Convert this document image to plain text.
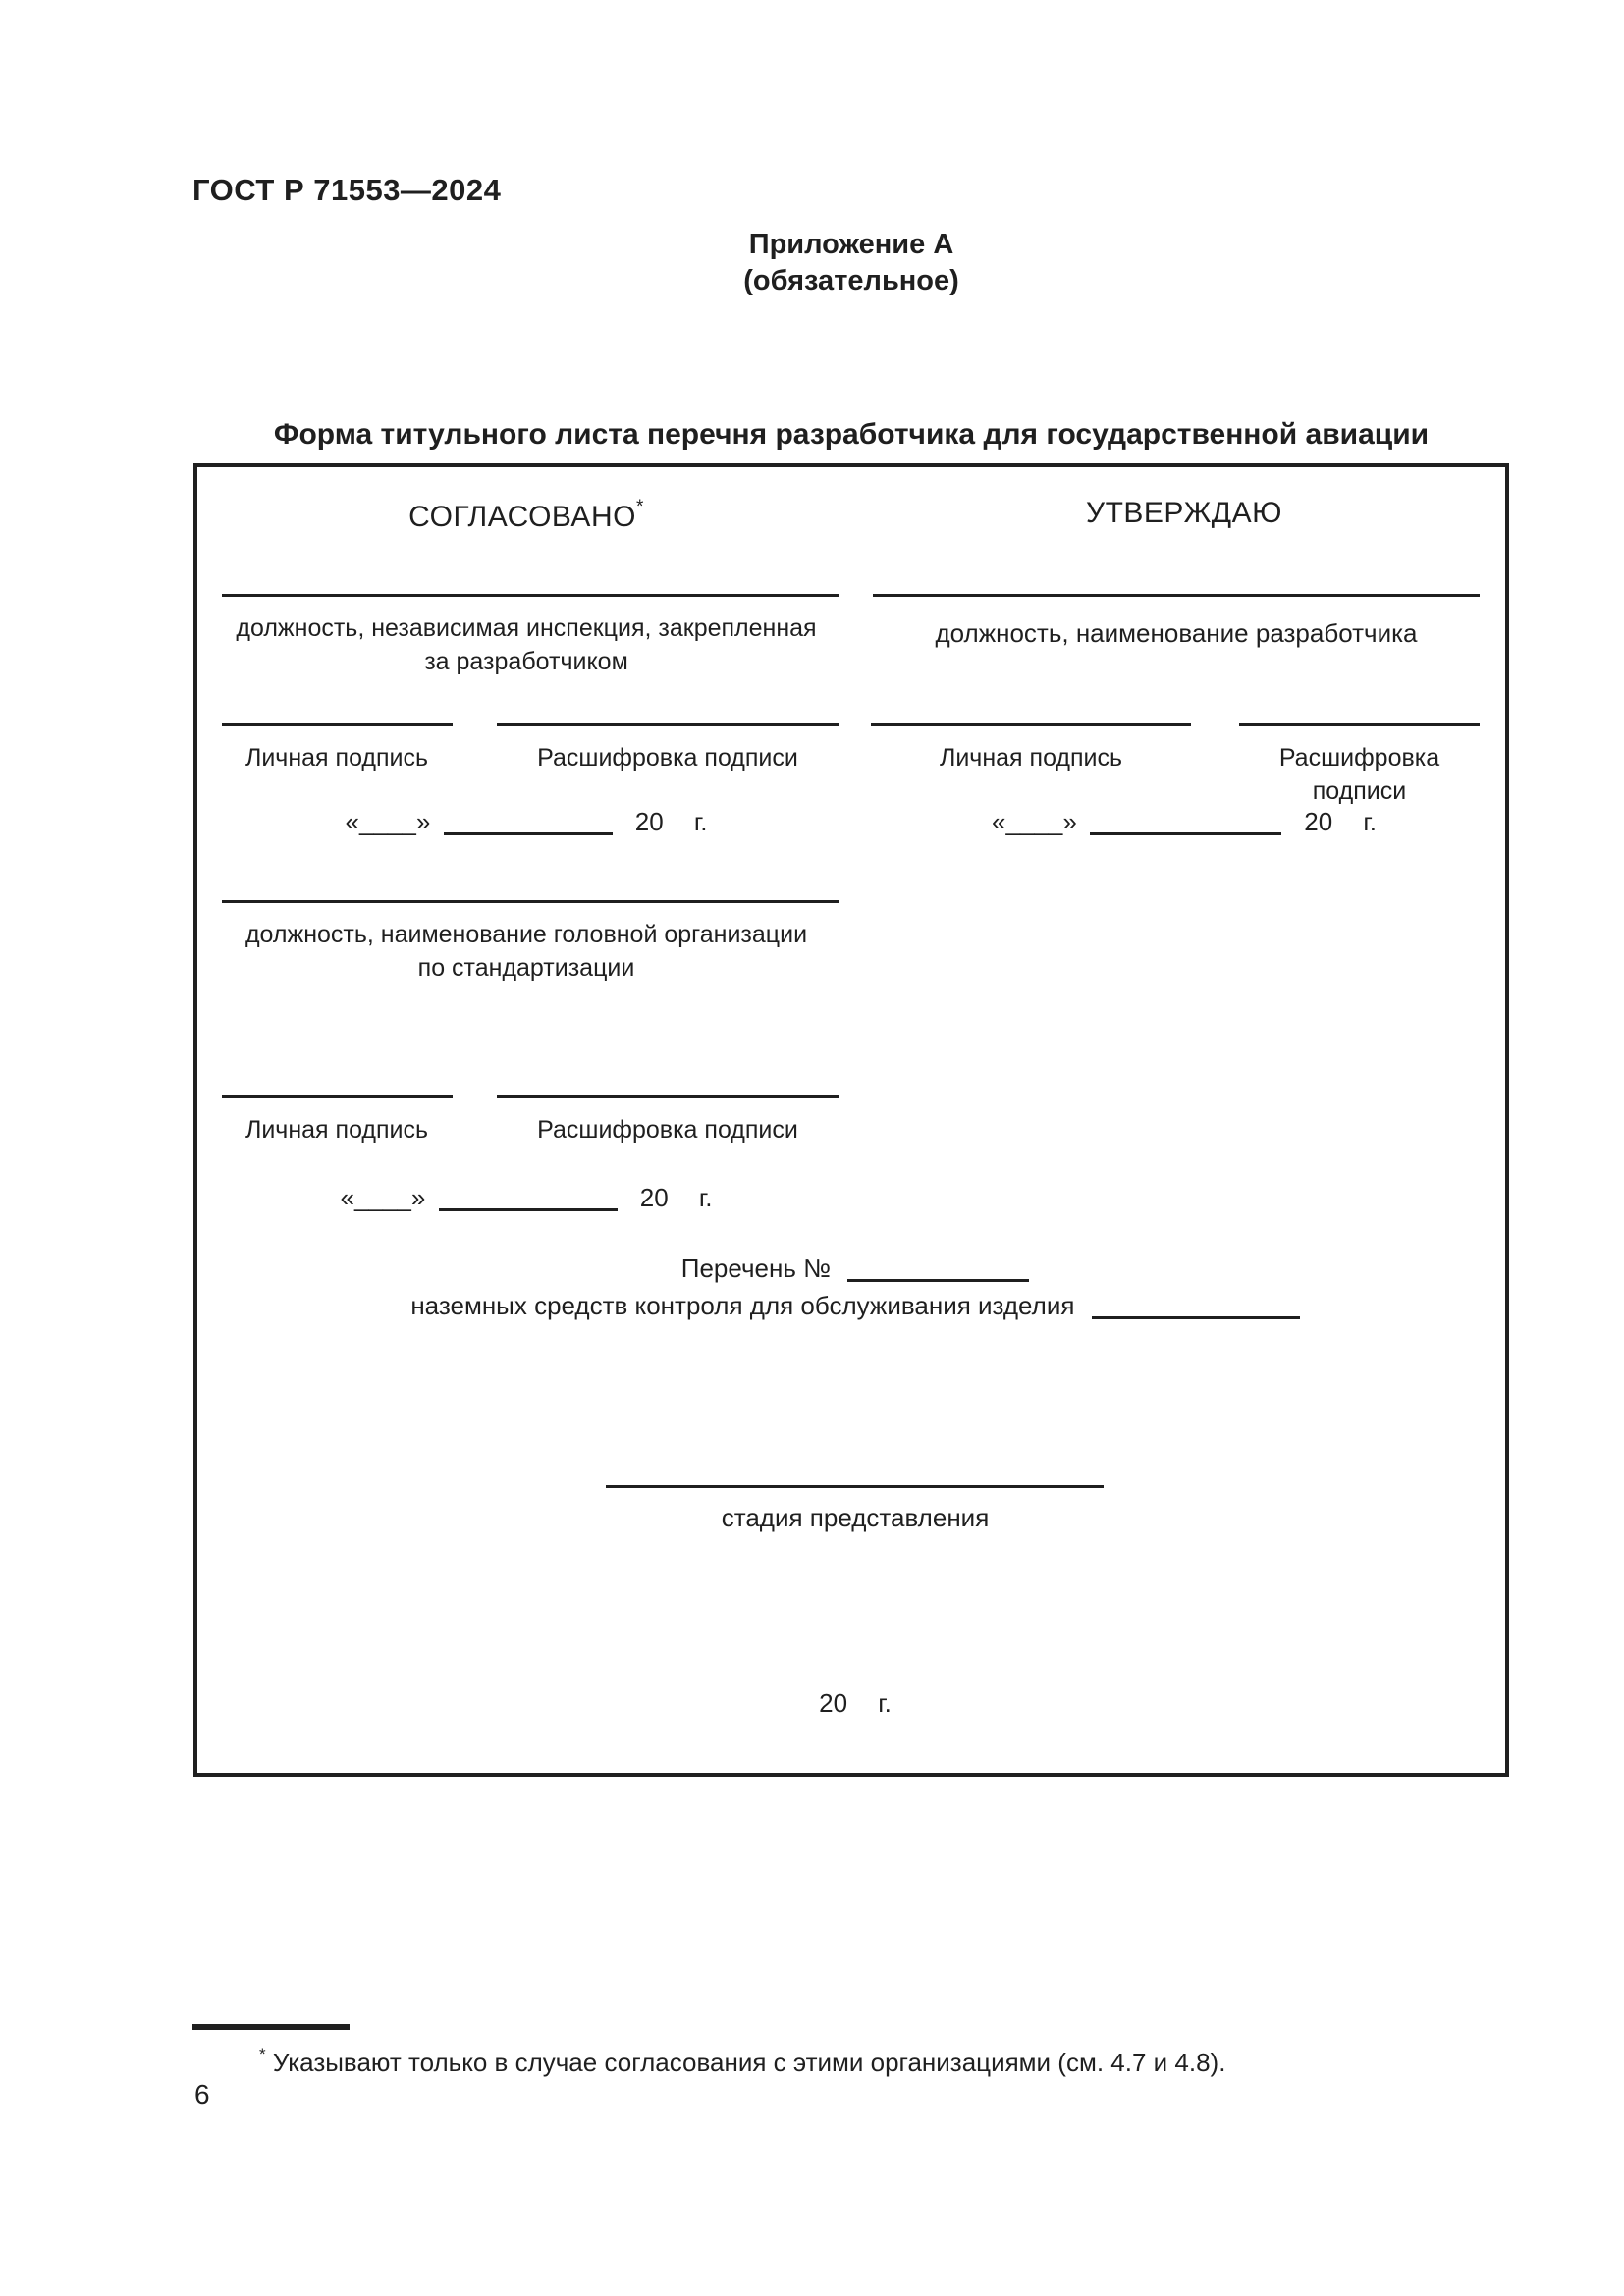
ГОСТ Р 71553—2024
Приложение А
(обязательное)
Форма титульного листа перечня разработчика для государственной авиации
СОГЛАСОВАНО*	УТВЕРЖДАЮ
должность, независимая инспекция, закрепленная
за разработчиком
должность, наименование разработчика
Личная подпись	Расшифровка подписи	Личная подпись	Расшифровка
подписи
«____»	20 г.	«____»	20 г.
должность, наименование головной организации
по стандартизации
Личная подпись	Расшифровка подписи
«____»	20 г.
Перечень №
наземных средств контроля для обслуживания изделия
стадия представления
20 г.
* Указывают только в случае согласования с этими организациями (см. 4.7 и 4.8).
6
